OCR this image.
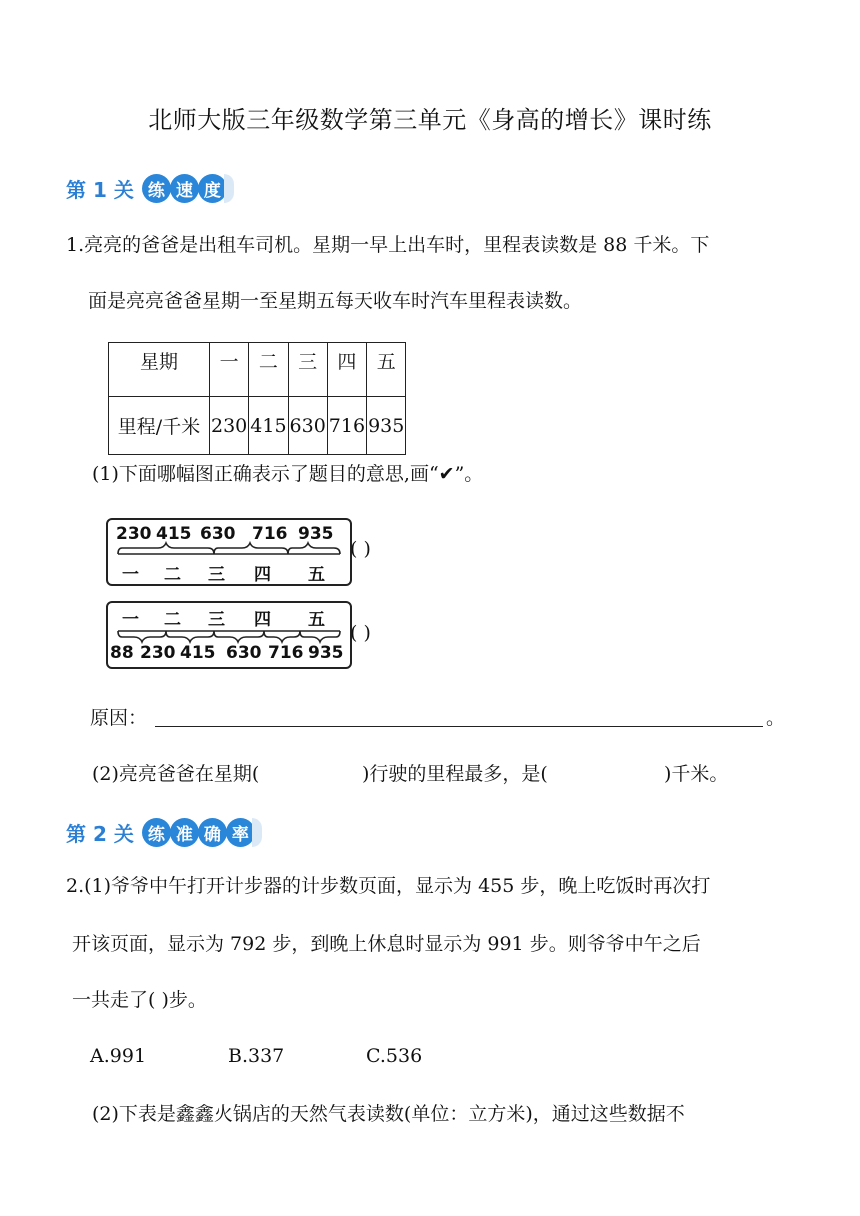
北师大版三年级数学第三单元《身高的增长》课时练
第 1 关 练 速 度
1.亮亮的爸爸是出租车司机。星期一早上出车时，里程表读数是 88 千米。下
面是亮亮爸爸星期一至星期五每天收车时汽车里程表读数。
星期	一	二	三	四	五
里程/千米	230	415	630	716	935
(1)下面哪幅图正确表示了题目的意思,画“✔”。
230 415 630 716 935
一 二 三 四 五
( )
一 二 三 四 五
88 230 415 630 716 935
( )
原因：	。
(2)亮亮爸爸在星期(	)行驶的里程最多，是(	)千米。
第 2 关 练 准 确 率
2.(1)爷爷中午打开计步器的计步数页面，显示为 455 步，晚上吃饭时再次打
开该页面，显示为 792 步，到晚上休息时显示为 991 步。则爷爷中午之后
一共走了( )步。
A.991	B.337	C.536
(2)下表是鑫鑫火锅店的天然气表读数(单位：立方米)，通过这些数据不
